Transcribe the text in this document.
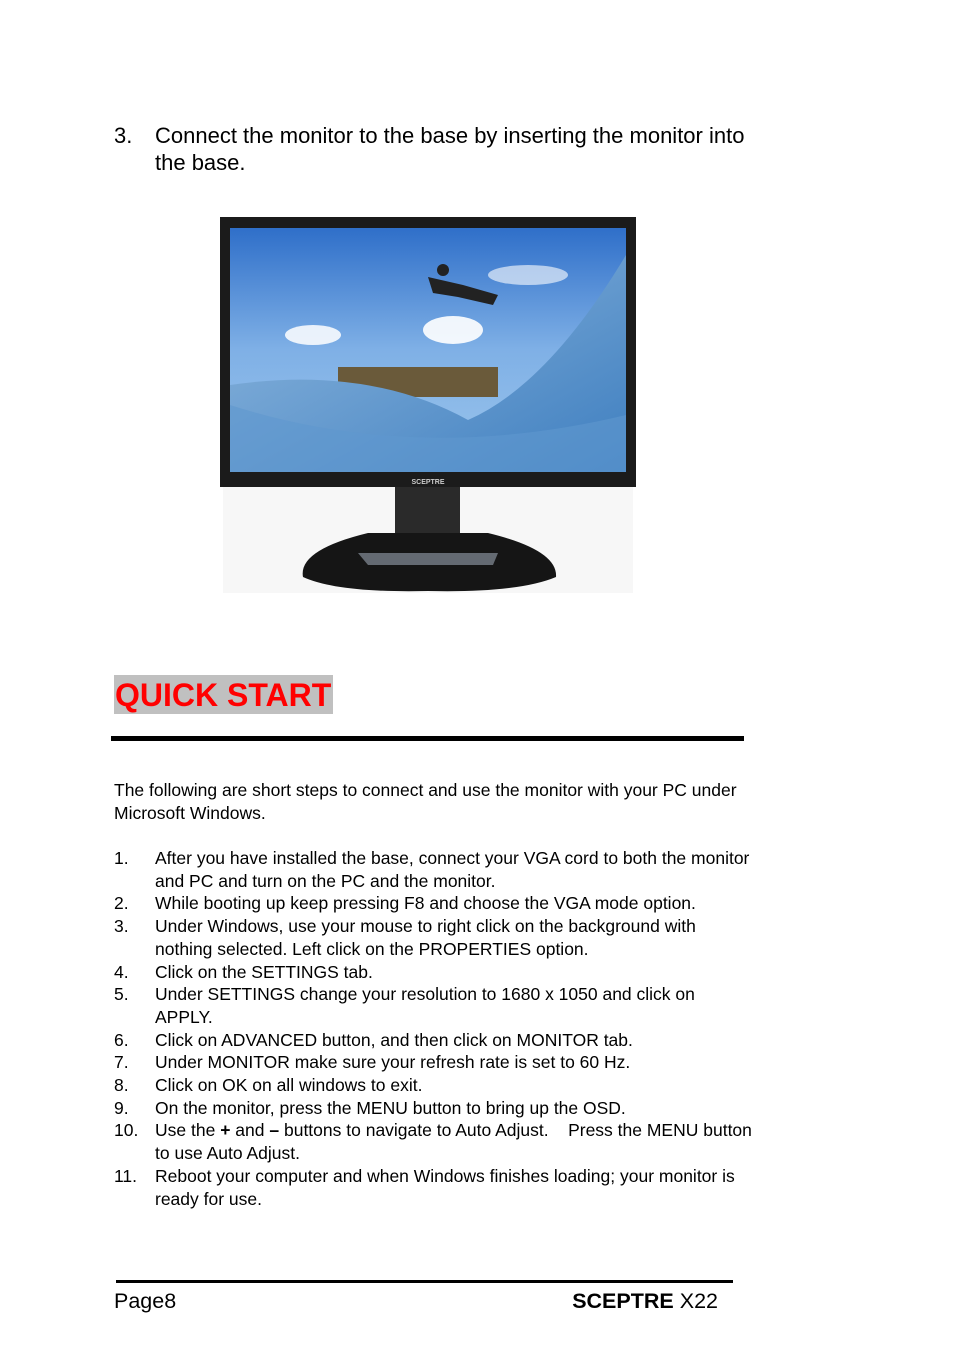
3. Connect the monitor to the base by inserting the monitor into the base.
SCEPTRE
QUICK START
The following are short steps to connect and use the monitor with your PC under Microsoft Windows.
1. After you have installed the base, connect your VGA cord to both the monitor and PC and turn on the PC and the monitor.
2. While booting up keep pressing F8 and choose the VGA mode option.
3. Under Windows, use your mouse to right click on the background with nothing selected. Left click on the PROPERTIES option.
4. Click on the SETTINGS tab.
5. Under SETTINGS change your resolution to 1680 x 1050 and click on APPLY.
6. Click on ADVANCED button, and then click on MONITOR tab.
7. Under MONITOR make sure your refresh rate is set to 60 Hz.
8. Click on OK on all windows to exit.
9. On the monitor, press the MENU button to bring up the OSD.
10. Use the + and – buttons to navigate to Auto Adjust.    Press the MENU button to use Auto Adjust.
11. Reboot your computer and when Windows finishes loading; your monitor is ready for use.
Page8	SCEPTRE X22
